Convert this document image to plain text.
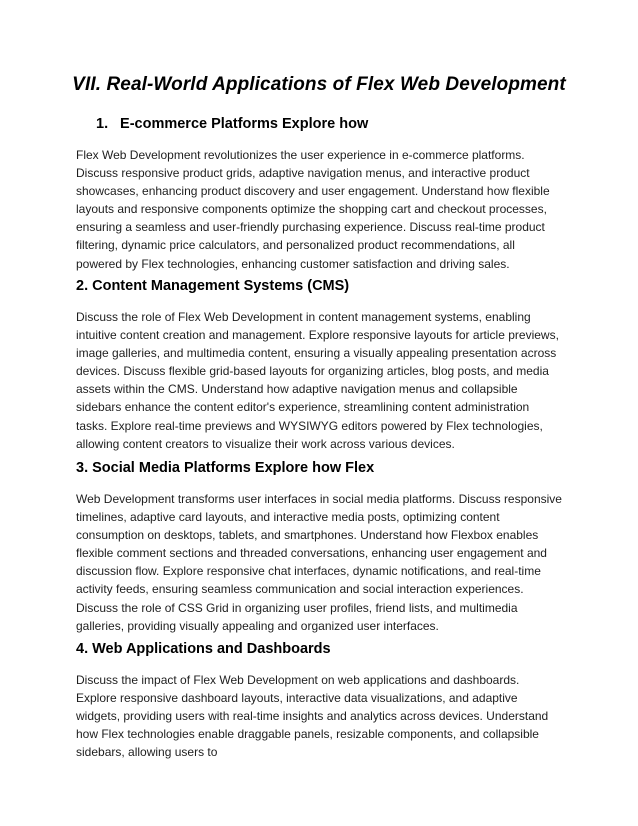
VII. Real-World Applications of Flex Web Development
1. E-commerce Platforms Explore how

Flex Web Development revolutionizes the user experience in e-commerce platforms. Discuss responsive product grids, adaptive navigation menus, and interactive product showcases, enhancing product discovery and user engagement. Understand how flexible layouts and responsive components optimize the shopping cart and checkout processes, ensuring a seamless and user-friendly purchasing experience. Discuss real-time product filtering, dynamic price calculators, and personalized product recommendations, all powered by Flex technologies, enhancing customer satisfaction and driving sales.

2. Content Management Systems (CMS)

Discuss the role of Flex Web Development in content management systems, enabling intuitive content creation and management. Explore responsive layouts for article previews, image galleries, and multimedia content, ensuring a visually appealing presentation across devices. Discuss flexible grid-based layouts for organizing articles, blog posts, and media assets within the CMS. Understand how adaptive navigation menus and collapsible sidebars enhance the content editor's experience, streamlining content administration tasks. Explore real-time previews and WYSIWYG editors powered by Flex technologies, allowing content creators to visualize their work across various devices.

3. Social Media Platforms Explore how Flex

Web Development transforms user interfaces in social media platforms. Discuss responsive timelines, adaptive card layouts, and interactive media posts, optimizing content consumption on desktops, tablets, and smartphones. Understand how Flexbox enables flexible comment sections and threaded conversations, enhancing user engagement and discussion flow. Explore responsive chat interfaces, dynamic notifications, and real-time activity feeds, ensuring seamless communication and social interaction experiences. Discuss the role of CSS Grid in organizing user profiles, friend lists, and multimedia galleries, providing visually appealing and organized user interfaces.

4. Web Applications and Dashboards

Discuss the impact of Flex Web Development on web applications and dashboards. Explore responsive dashboard layouts, interactive data visualizations, and adaptive widgets, providing users with real-time insights and analytics across devices. Understand how Flex technologies enable draggable panels, resizable components, and collapsible sidebars, allowing users to
